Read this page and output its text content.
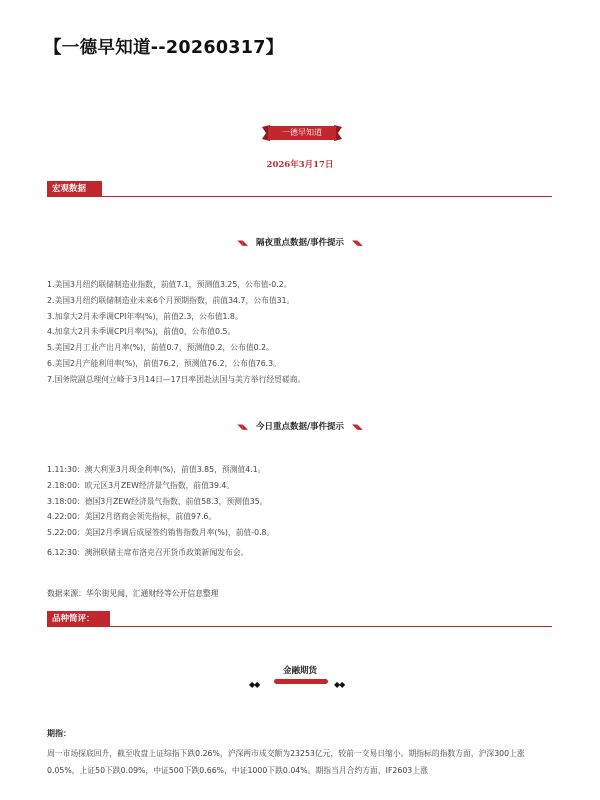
【一德早知道--20260317】
一德早知道
2026年3月17日
宏观数据
◥◣ 隔夜重点数据/事件提示 ◥◣
1.美国3月纽约联储制造业指数，前值7.1，预测值3.25，公布值-0.2。
2.美国3月纽约联储制造业未来6个月预期指数，前值34.7，公布值31。
3.加拿大2月未季调CPI年率(%)，前值2.3，公布值1.8。
4.加拿大2月未季调CPI月率(%)，前值0，公布值0.5。
5.美国2月工业产出月率(%)，前值0.7，预测值0.2，公布值0.2。
6.美国2月产能利用率(%)，前值76.2，预测值76.2，公布值76.3。
7.国务院副总理何立峰于3月14日—17日率团赴法国与美方举行经贸磋商。
◥◣ 今日重点数据/事件提示 ◥◣
1.11:30：澳大利亚3月现金利率(%)，前值3.85，预测值4.1。
2.18:00：欧元区3月ZEW经济景气指数，前值39.4。
3.18:00：德国3月ZEW经济景气指数，前值58.3，预测值35。
4.22:00：美国2月谘商会领先指标，前值97.6。
5.22:00：美国2月季调后成屋签约销售指数月率(%)，前值-0.8。
6.12:30：澳洲联储主席布洛克召开货币政策新闻发布会。
数据来源：华尔街见闻，汇通财经等公开信息整理
品种简评：
金融期货
◆◆	◆◆
期指：
周一市场探底回升，截至收盘上证综指下跌0.26%，沪深两市成交额为23253亿元，较前一交易日缩小。期指标的指数方面，沪深300上涨0.05%，上证50下跌0.09%，中证500下跌0.66%，中证1000下跌0.04%。期指当月合约方面，IF2603上涨
